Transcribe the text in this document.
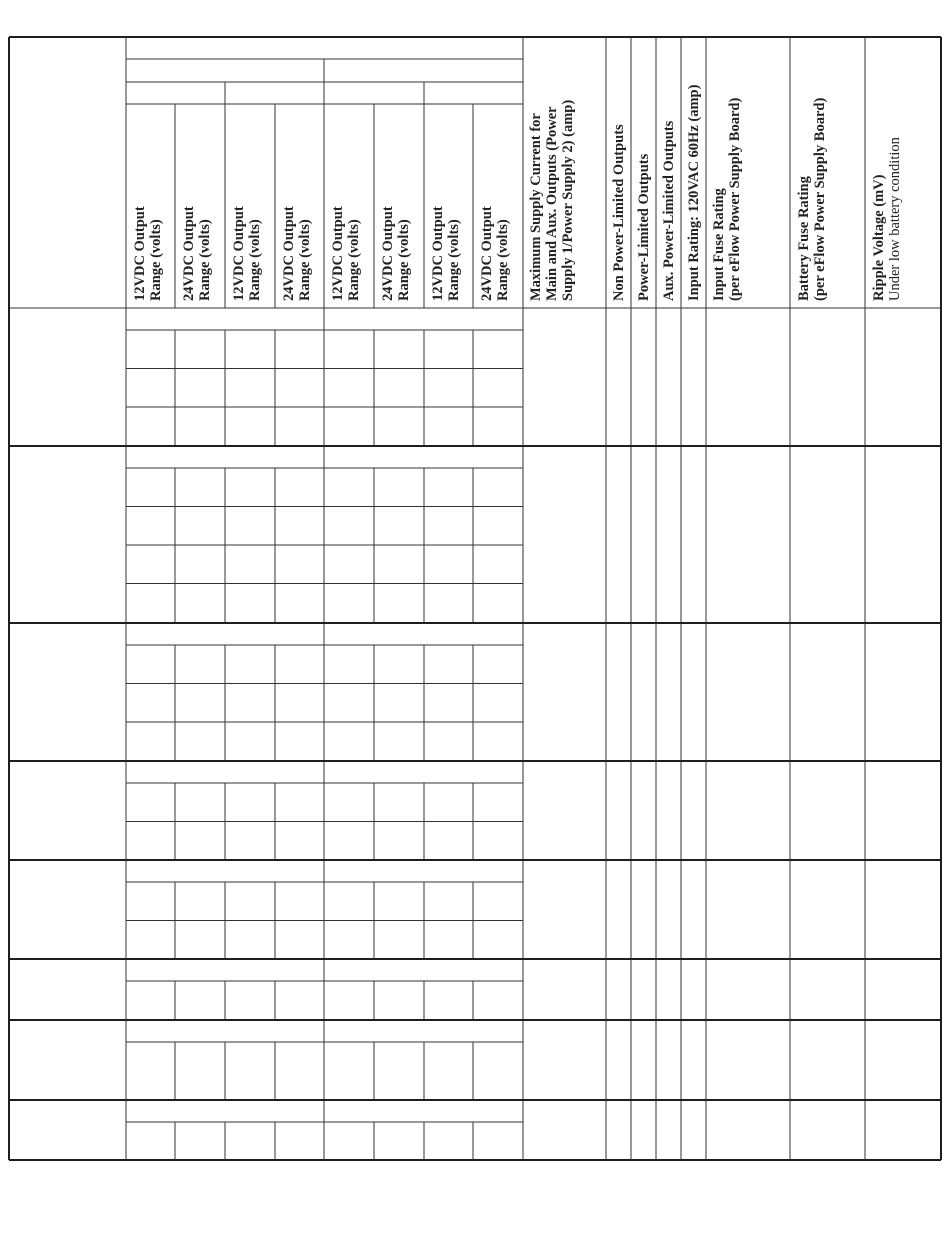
12VDC Output Range (volts) 24VDC Output Range (volts) 12VDC Output Range (volts) 24VDC Output Range (volts) 12VDC Output Range (volts) 24VDC Output Range (volts) 12VDC Output Range (volts) 24VDC Output Range (volts) Maximum Supply Current for Main and Aux. Outputs (Power Supply 1/Power Supply 2) (amp) Non Power-Limited Outputs Power-Limited Outputs Aux. Power-Limited Outputs Input Rating: 120VAC 60Hz (amp) Input Fuse Rating (per eFlow Power Supply Board)	Battery Fuse Rating (per eFlow Power Supply Board)	Ripple Voltage (mV) Under low battery condition
